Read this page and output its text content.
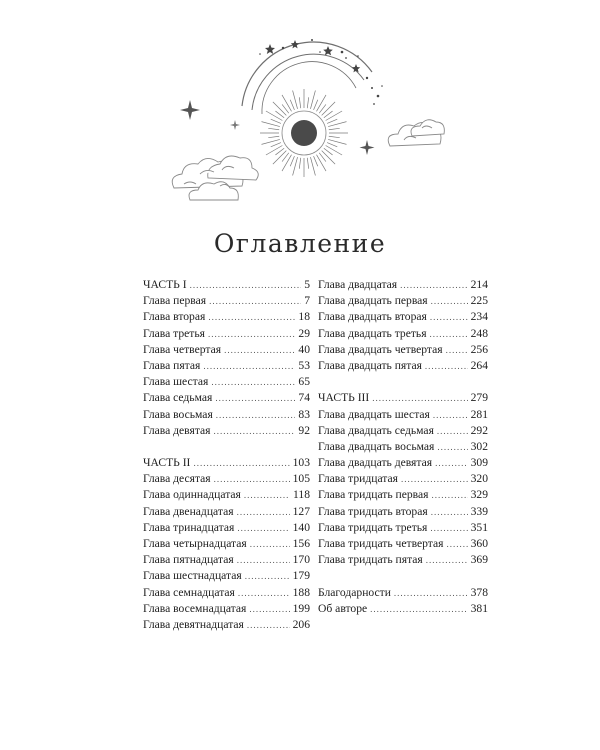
Оглавление
ЧАСТЬ I .....	5
Глава первая .....	7
Глава вторая .....	18
Глава третья .....	29
Глава четвертая .....	40
Глава пятая .....	53
Глава шестая .....	65
Глава седьмая .....	74
Глава восьмая .....	83
Глава девятая .....	92
ЧАСТЬ II .....	103
Глава десятая .....	105
Глава одиннадцатая .....	118
Глава двенадцатая .....	127
Глава тринадцатая .....	140
Глава четырнадцатая .....	156
Глава пятнадцатая .....	170
Глава шестнадцатая .....	179
Глава семнадцатая .....	188
Глава восемнадцатая .....	199
Глава девятнадцатая .....	206
Глава двадцатая .....	214
Глава двадцать первая .....	225
Глава двадцать вторая .....	234
Глава двадцать третья .....	248
Глава двадцать четвертая ..... 256
Глава двадцать пятая .....	264
ЧАСТЬ III .....	279
Глава двадцать шестая .....	281
Глава двадцать седьмая .....	292
Глава двадцать восьмая .....	302
Глава двадцать девятая .....	309
Глава тридцатая .....	320
Глава тридцать первая .....	329
Глава тридцать вторая .....	339
Глава тридцать третья .....	351
Глава тридцать четвертая ..... 360
Глава тридцать пятая .....	369
Благодарности .....	378
Об авторе .....	381
